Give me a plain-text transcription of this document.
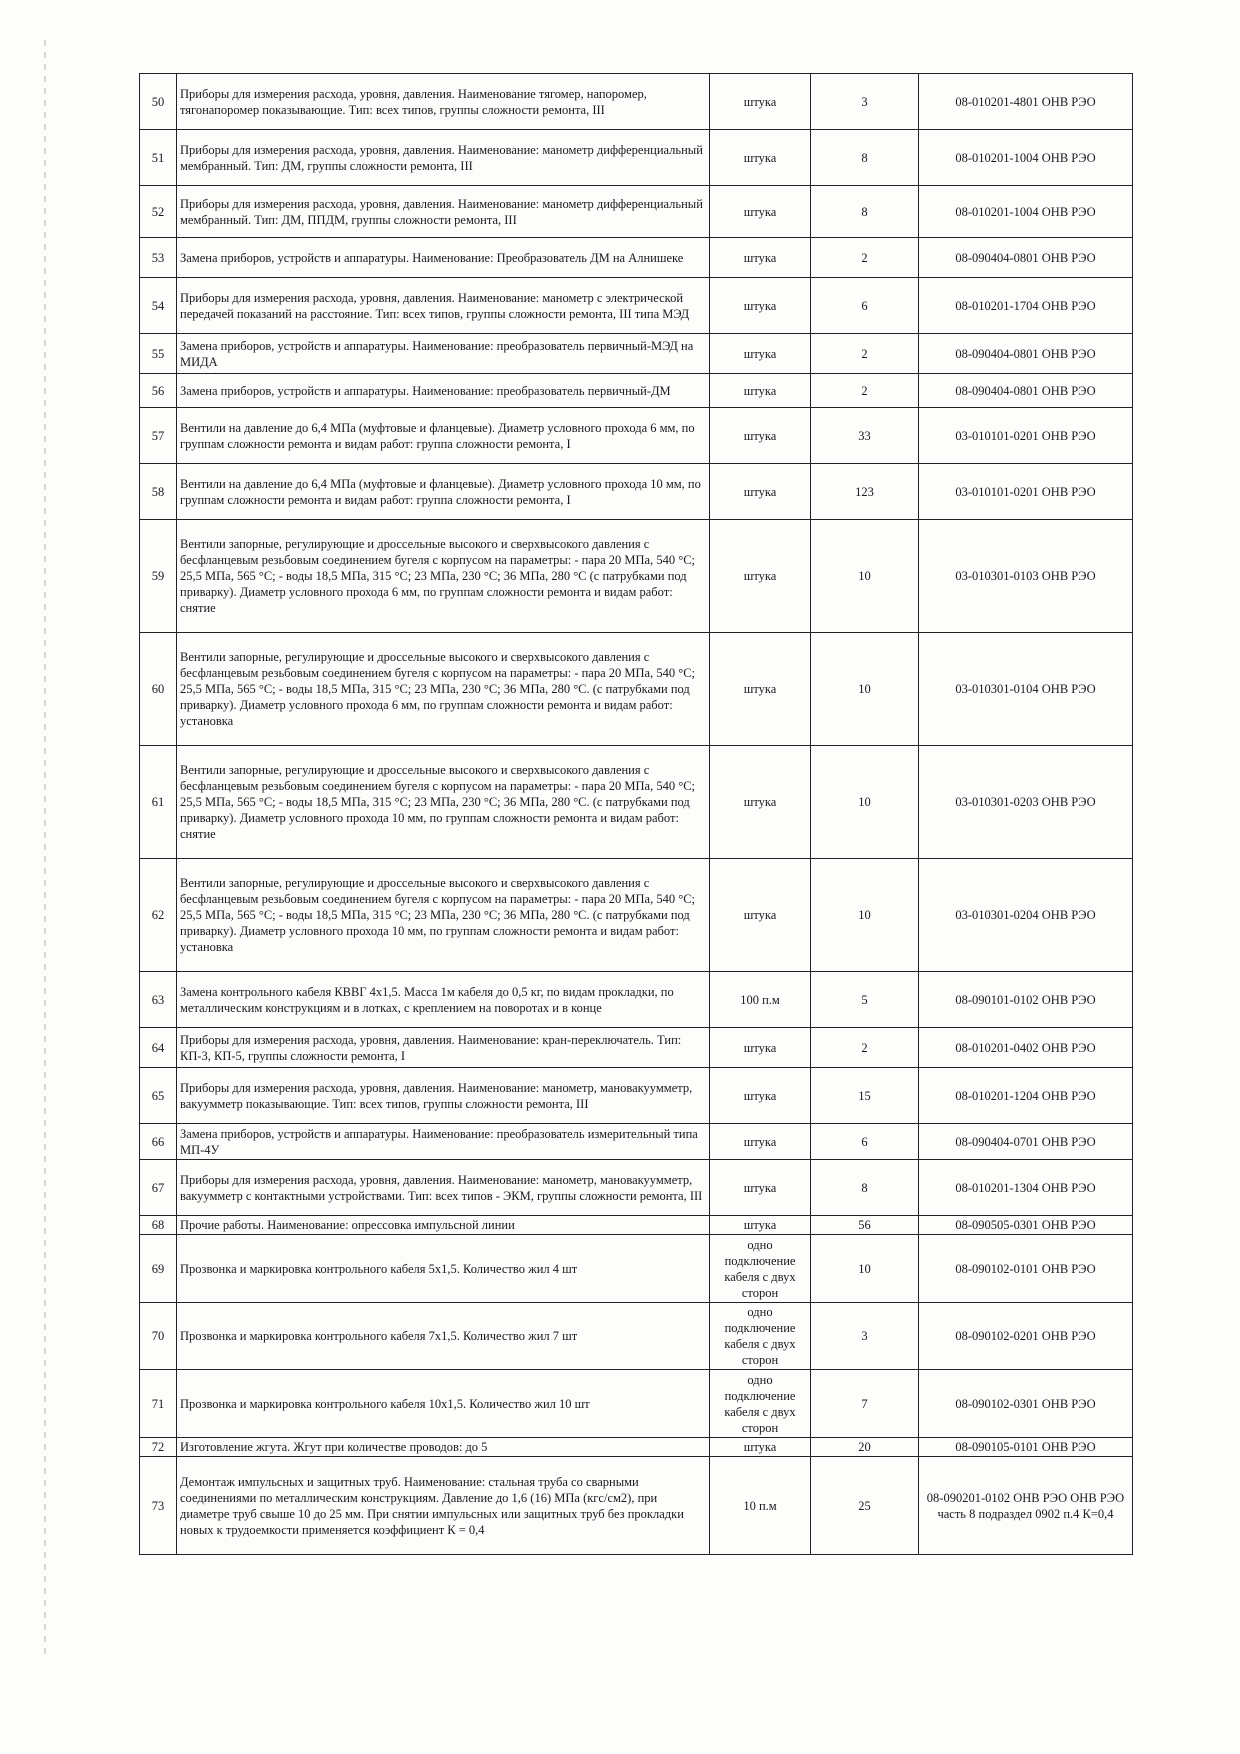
50	Приборы для измерения расхода, уровня, давления. Наименование тягомер, напоромер, тягонапоромер показывающие. Тип: всех типов, группы сложности ремонта, III	штука	3	08-010201-4801 ОНВ РЭО
51	Приборы для измерения расхода, уровня, давления. Наименование: манометр дифференциальный мембранный. Тип: ДМ, группы сложности ремонта, III	штука	8	08-010201-1004 ОНВ РЭО
52	Приборы для измерения расхода, уровня, давления. Наименование: манометр дифференциальный мембранный. Тип: ДМ, ППДМ, группы сложности ремонта, III	штука	8	08-010201-1004 ОНВ РЭО
53	Замена приборов, устройств и аппаратуры. Наименование: Преобразователь ДМ на Алнишеке	штука	2	08-090404-0801 ОНВ РЭО
54	Приборы для измерения расхода, уровня, давления. Наименование: манометр с электрической передачей показаний на расстояние. Тип: всех типов, группы сложности ремонта, III типа МЭД	штука	6	08-010201-1704 ОНВ РЭО
55	Замена приборов, устройств и аппаратуры. Наименование: преобразователь первичный-МЭД на МИДА	штука	2	08-090404-0801 ОНВ РЭО
56	Замена приборов, устройств и аппаратуры. Наименование: преобразователь первичный-ДМ	штука	2	08-090404-0801 ОНВ РЭО
57	Вентили на давление до 6,4 МПа (муфтовые и фланцевые). Диаметр условного прохода 6 мм, по группам сложности ремонта и видам работ: группа сложности ремонта, I	штука	33	03-010101-0201 ОНВ РЭО
58	Вентили на давление до 6,4 МПа (муфтовые и фланцевые). Диаметр условного прохода 10 мм, по группам сложности ремонта и видам работ: группа сложности ремонта, I	штука	123	03-010101-0201 ОНВ РЭО
59	Вентили запорные, регулирующие и дроссельные высокого и сверхвысокого давления с бесфланцевым резьбовым соединением бугеля с корпусом на параметры: - пара 20 МПа, 540 °С; 25,5 МПа, 565 °С; - воды 18,5 МПа, 315 °С; 23 МПа, 230 °С; 36 МПа, 280 °С (с патрубками под приварку). Диаметр условного прохода 6 мм, по группам сложности ремонта и видам работ: снятие	штука	10	03-010301-0103 ОНВ РЭО
60	Вентили запорные, регулирующие и дроссельные высокого и сверхвысокого давления с бесфланцевым резьбовым соединением бугеля с корпусом на параметры: - пара 20 МПа, 540 °С; 25,5 МПа, 565 °С; - воды 18,5 МПа, 315 °С; 23 МПа, 230 °С; 36 МПа, 280 °С. (с патрубками под приварку). Диаметр условного прохода 6 мм, по группам сложности ремонта и видам работ: установка	штука	10	03-010301-0104 ОНВ РЭО
61	Вентили запорные, регулирующие и дроссельные высокого и сверхвысокого давления с бесфланцевым резьбовым соединением бугеля с корпусом на параметры: - пара 20 МПа, 540 °С; 25,5 МПа, 565 °С; - воды 18,5 МПа, 315 °С; 23 МПа, 230 °С; 36 МПа, 280 °С. (с патрубками под приварку). Диаметр условного прохода 10 мм, по группам сложности ремонта и видам работ: снятие	штука	10	03-010301-0203 ОНВ РЭО
62	Вентили запорные, регулирующие и дроссельные высокого и сверхвысокого давления с бесфланцевым резьбовым соединением бугеля с корпусом на параметры: - пара 20 МПа, 540 °С; 25,5 МПа, 565 °С; - воды 18,5 МПа, 315 °С; 23 МПа, 230 °С; 36 МПа, 280 °С. (с патрубками под приварку). Диаметр условного прохода 10 мм, по группам сложности ремонта и видам работ: установка	штука	10	03-010301-0204 ОНВ РЭО
63	Замена контрольного кабеля КВВГ 4х1,5. Масса 1м кабеля до 0,5 кг, по видам прокладки, по металлическим конструкциям и в лотках, с креплением на поворотах и в конце	100 п.м	5	08-090101-0102 ОНВ РЭО
64	Приборы для измерения расхода, уровня, давления. Наименование: кран-переключатель. Тип: КП-3, КП-5, группы сложности ремонта, I	штука	2	08-010201-0402 ОНВ РЭО
65	Приборы для измерения расхода, уровня, давления. Наименование: манометр, мановакуумметр, вакуумметр показывающие. Тип: всех типов, группы сложности ремонта, III	штука	15	08-010201-1204 ОНВ РЭО
66	Замена приборов, устройств и аппаратуры. Наименование: преобразователь измерительный типа МП-4У	штука	6	08-090404-0701 ОНВ РЭО
67	Приборы для измерения расхода, уровня, давления. Наименование: манометр, мановакуумметр, вакуумметр с контактными устройствами. Тип: всех типов - ЭКМ, группы сложности ремонта, III	штука	8	08-010201-1304 ОНВ РЭО
68	Прочие работы. Наименование: опрессовка импульсной линии	штука	56	08-090505-0301 ОНВ РЭО
69	Прозвонка и маркировка контрольного кабеля 5х1,5. Количество жил 4 шт	одно подключение кабеля с двух сторон	10	08-090102-0101 ОНВ РЭО
70	Прозвонка и маркировка контрольного кабеля 7х1,5. Количество жил 7 шт	одно подключение кабеля с двух сторон	3	08-090102-0201 ОНВ РЭО
71	Прозвонка и маркировка контрольного кабеля 10х1,5. Количество жил 10 шт	одно подключение кабеля с двух сторон	7	08-090102-0301 ОНВ РЭО
72	Изготовление жгута. Жгут при количестве проводов: до 5	штука	20	08-090105-0101 ОНВ РЭО
73	Демонтаж импульсных и защитных труб. Наименование: стальная труба со сварными соединениями по металлическим конструкциям. Давление до 1,6 (16) МПа (кгс/см2), при диаметре труб свыше 10 до 25 мм. При снятии импульсных или защитных труб без прокладки новых к трудоемкости применяется коэффициент К = 0,4	10 п.м	25	08-090201-0102 ОНВ РЭО ОНВ РЭО часть 8 подраздел 0902 п.4 К=0,4
